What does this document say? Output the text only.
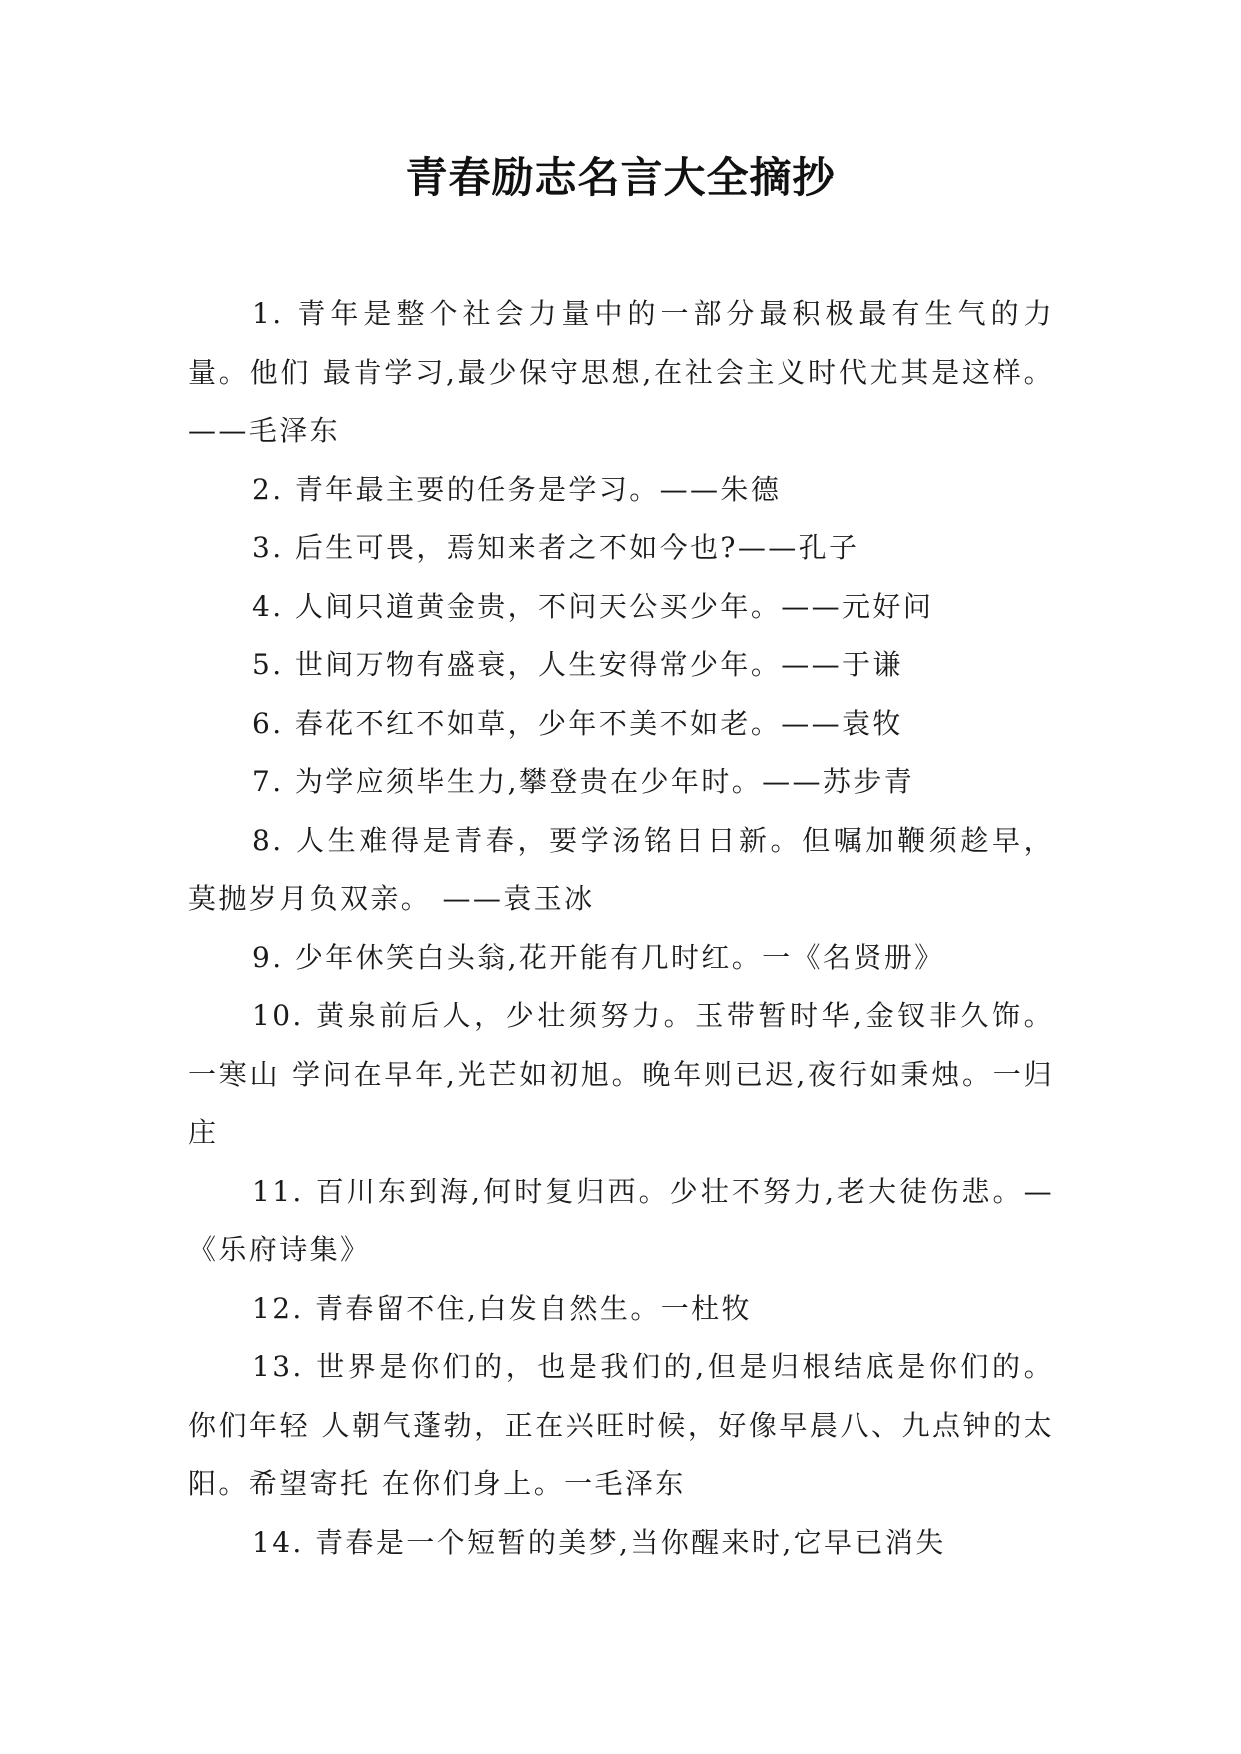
青春励志名言大全摘抄

1. 青年是整个社会力量中的一部分最积极最有生气的力量。他们 最肯学习,最少保守思想,在社会主义时代尤其是这样。——毛泽东

2. 青年最主要的任务是学习。——朱德

3. 后生可畏，焉知来者之不如今也?——孔子

4. 人间只道黄金贵，不问天公买少年。——元好问

5. 世间万物有盛衰，人生安得常少年。——于谦

6. 春花不红不如草，少年不美不如老。——袁牧

7. 为学应须毕生力,攀登贵在少年时。——苏步青

8. 人生难得是青春，要学汤铭日日新。但嘱加鞭须趁早，莫抛岁月负双亲。 ——袁玉冰

9. 少年休笑白头翁,花开能有几时红。一《名贤册》

10. 黄泉前后人，少壮须努力。玉带暂时华,金钗非久饰。一寒山 学问在早年,光芒如初旭。晚年则已迟,夜行如秉烛。一归庄

11. 百川东到海,何时复归西。少壮不努力,老大徒伤悲。—《乐府诗集》

12. 青春留不住,白发自然生。一杜牧

13. 世界是你们的，也是我们的,但是归根结底是你们的。你们年轻 人朝气蓬勃，正在兴旺时候，好像早晨八、九点钟的太阳。希望寄托 在你们身上。一毛泽东

14. 青春是一个短暂的美梦,当你醒来时,它早已消失
